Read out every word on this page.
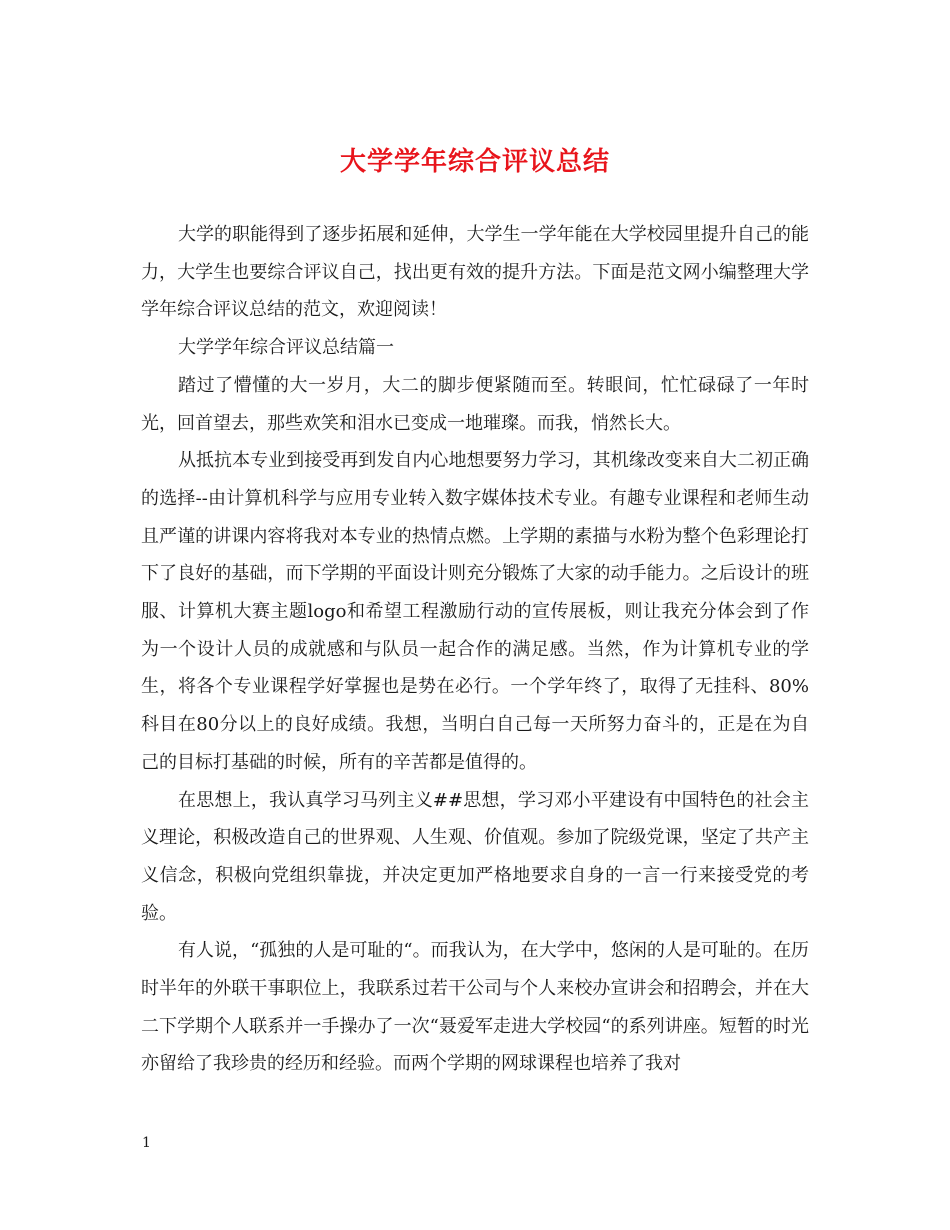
大学学年综合评议总结

大学的职能得到了逐步拓展和延伸，大学生一学年能在大学校园里提升自己的能力，大学生也要综合评议自己，找出更有效的提升方法。下面是范文网小编整理大学学年综合评议总结的范文，欢迎阅读！

大学学年综合评议总结篇一

踏过了懵懂的大一岁月，大二的脚步便紧随而至。转眼间，忙忙碌碌了一年时光，回首望去，那些欢笑和泪水已变成一地璀璨。而我，悄然长大。

从抵抗本专业到接受再到发自内心地想要努力学习，其机缘改变来自大二初正确的选择--由计算机科学与应用专业转入数字媒体技术专业。有趣专业课程和老师生动且严谨的讲课内容将我对本专业的热情点燃。上学期的素描与水粉为整个色彩理论打下了良好的基础，而下学期的平面设计则充分锻炼了大家的动手能力。之后设计的班服、计算机大赛主题logo和希望工程激励行动的宣传展板，则让我充分体会到了作为一个设计人员的成就感和与队员一起合作的满足感。当然，作为计算机专业的学生，将各个专业课程学好掌握也是势在必行。一个学年终了，取得了无挂科、80%科目在80分以上的良好成绩。我想，当明白自己每一天所努力奋斗的，正是在为自己的目标打基础的时候，所有的辛苦都是值得的。

在思想上，我认真学习马列主义##思想，学习邓小平建设有中国特色的社会主义理论，积极改造自己的世界观、人生观、价值观。参加了院级党课，坚定了共产主义信念，积极向党组织靠拢，并决定更加严格地要求自身的一言一行来接受党的考验。

有人说，“孤独的人是可耻的“。而我认为，在大学中，悠闲的人是可耻的。在历时半年的外联干事职位上，我联系过若干公司与个人来校办宣讲会和招聘会，并在大二下学期个人联系并一手操办了一次“聂爱军走进大学校园“的系列讲座。短暂的时光亦留给了我珍贵的经历和经验。而两个学期的网球课程也培养了我对

1
